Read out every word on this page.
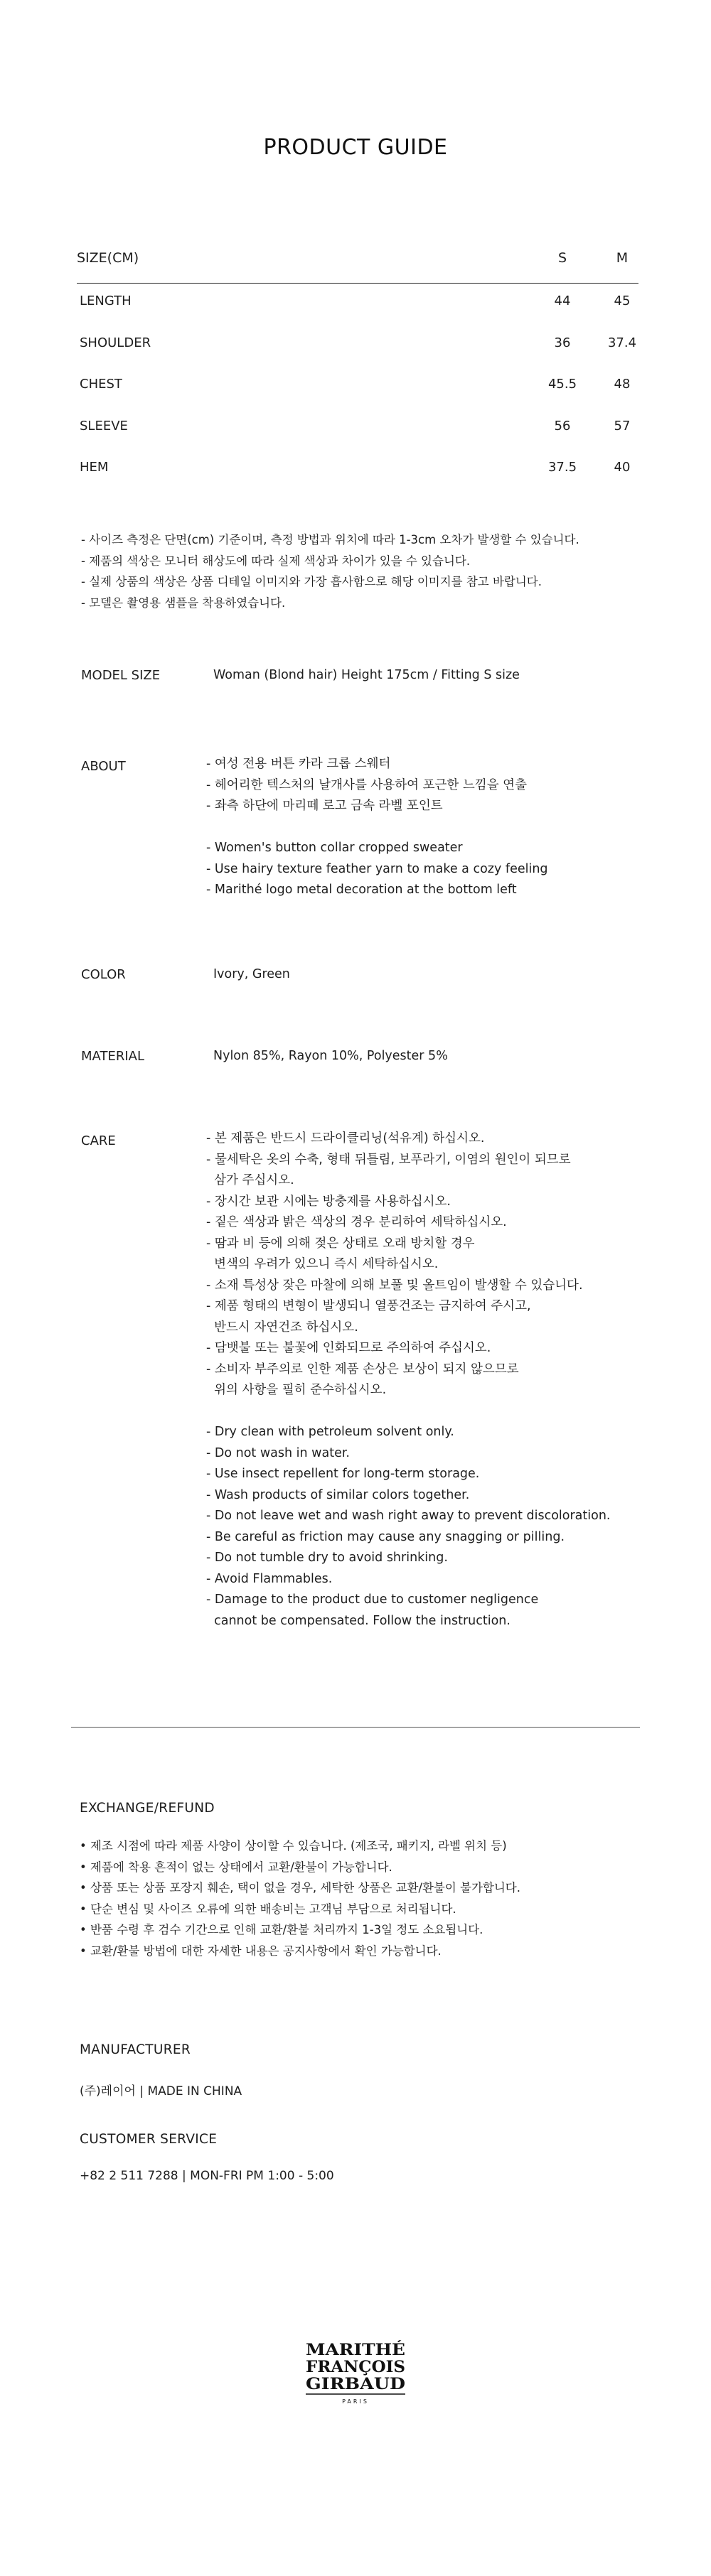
PRODUCT GUIDE
SIZE(CM)	S	M
LENGTH	44	45
SHOULDER	36	37.4
CHEST	45.5	48
SLEEVE	56	57
HEM	37.5	40
- 사이즈 측정은 단면(cm) 기준이며, 측정 방법과 위치에 따라 1-3cm 오차가 발생할 수 있습니다.
- 제품의 색상은 모니터 해상도에 따라 실제 색상과 차이가 있을 수 있습니다.
- 실제 상품의 색상은 상품 디테일 이미지와 가장 흡사함으로 해당 이미지를 참고 바랍니다.
- 모델은 촬영용 샘플을 착용하였습니다.
MODEL SIZE	Woman (Blond hair) Height 175cm / Fitting S size
ABOUT	- 여성 전용 버튼 카라 크롭 스웨터
- 헤어리한 텍스처의 날개사를 사용하여 포근한 느낌을 연출
- 좌측 하단에 마리떼 로고 금속 라벨 포인트
- Women's button collar cropped sweater
- Use hairy texture feather yarn to make a cozy feeling
- Marithé logo metal decoration at the bottom left
COLOR	Ivory, Green
MATERIAL	Nylon 85%, Rayon 10%, Polyester 5%
CARE	- 본 제품은 반드시 드라이클리닝(석유계) 하십시오.
- 물세탁은 옷의 수축, 형태 뒤틀림, 보푸라기, 이염의 원인이 되므로
삼가 주십시오.
- 장시간 보관 시에는 방충제를 사용하십시오.
- 짙은 색상과 밝은 색상의 경우 분리하여 세탁하십시오.
- 땀과 비 등에 의해 젖은 상태로 오래 방치할 경우
변색의 우려가 있으니 즉시 세탁하십시오.
- 소재 특성상 잦은 마찰에 의해 보풀 및 올트임이 발생할 수 있습니다.
- 제품 형태의 변형이 발생되니 열풍건조는 금지하여 주시고,
반드시 자연건조 하십시오.
- 담뱃불 또는 불꽃에 인화되므로 주의하여 주십시오.
- 소비자 부주의로 인한 제품 손상은 보상이 되지 않으므로
위의 사항을 필히 준수하십시오.
- Dry clean with petroleum solvent only.
- Do not wash in water.
- Use insect repellent for long-term storage.
- Wash products of similar colors together.
- Do not leave wet and wash right away to prevent discoloration.
- Be careful as friction may cause any snagging or pilling.
- Do not tumble dry to avoid shrinking.
- Avoid Flammables.
- Damage to the product due to customer negligence
cannot be compensated. Follow the instruction.
EXCHANGE/REFUND
• 제조 시점에 따라 제품 사양이 상이할 수 있습니다. (제조국, 패키지, 라벨 위치 등)
• 제품에 착용 흔적이 없는 상태에서 교환/환불이 가능합니다.
• 상품 또는 상품 포장지 훼손, 택이 없을 경우, 세탁한 상품은 교환/환불이 불가합니다.
• 단순 변심 및 사이즈 오류에 의한 배송비는 고객님 부담으로 처리됩니다.
• 반품 수령 후 검수 기간으로 인해 교환/환불 처리까지 1-3일 정도 소요됩니다.
• 교환/환불 방법에 대한 자세한 내용은 공지사항에서 확인 가능합니다.
MANUFACTURER
(주)레이어 | MADE IN CHINA
CUSTOMER SERVICE
+82 2 511 7288 | MON-FRI PM 1:00 - 5:00
MARITHÉ
FRANÇOIS
GIRBAUD
PARIS
